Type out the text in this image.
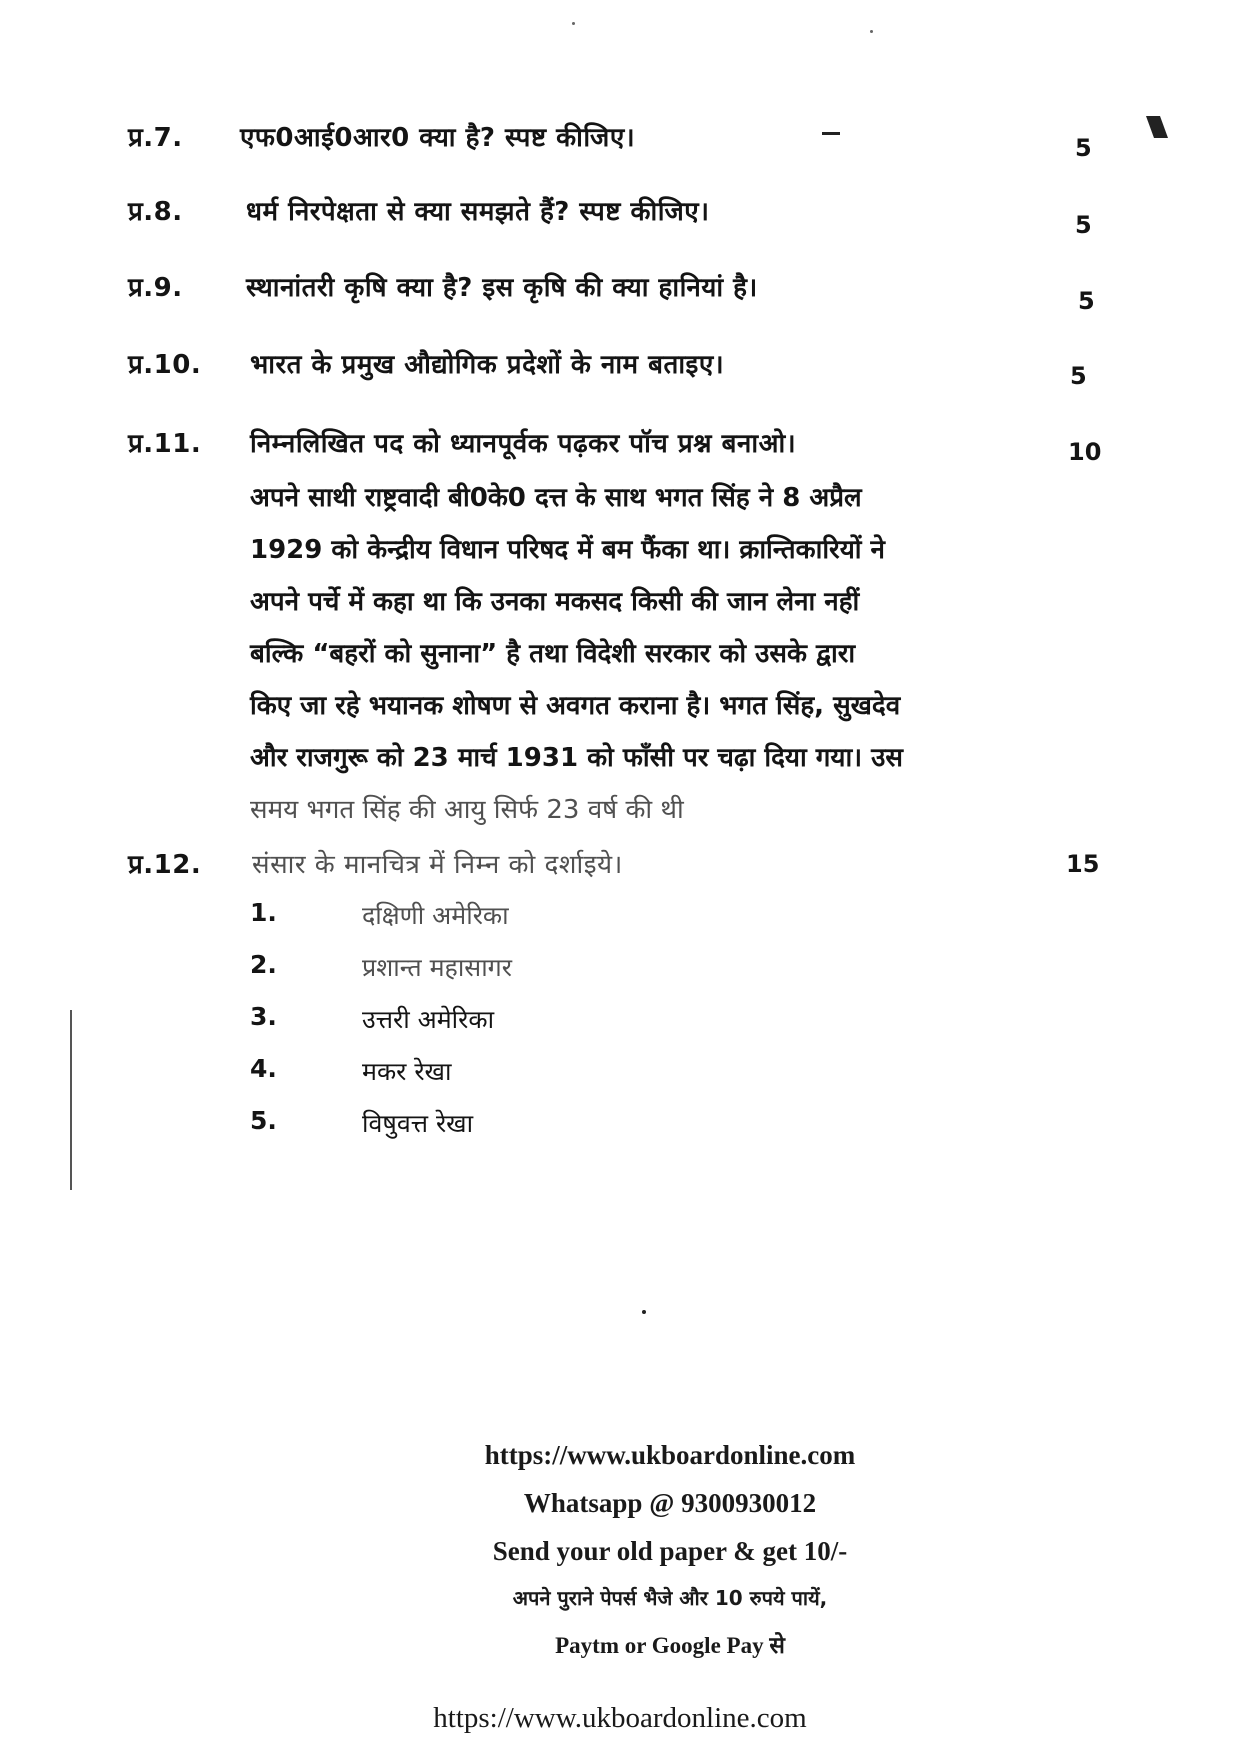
प्र.7. एफ0आई0आर0 क्या है? स्पष्ट कीजिए।	5
प्र.8. धर्म निरपेक्षता से क्या समझते हैं? स्पष्ट कीजिए।	5
प्र.9. स्थानांतरी कृषि क्या है? इस कृषि की क्या हानियां है।	5
प्र.10. भारत के प्रमुख औद्योगिक प्रदेशों के नाम बताइए।	5
प्र.11. निम्नलिखित पद को ध्यानपूर्वक पढ़कर पॉच प्रश्न बनाओ।	10
अपने साथी राष्ट्रवादी बी0के0 दत्त के साथ भगत सिंह ने 8 अप्रैल
1929 को केन्द्रीय विधान परिषद में बम फैंका था। क्रान्तिकारियों ने
अपने पर्चे में कहा था कि उनका मकसद किसी की जान लेना नहीं
बल्कि “बहरों को सुनाना” है तथा विदेशी सरकार को उसके द्वारा
किए जा रहे भयानक शोषण से अवगत कराना है। भगत सिंह, सुखदेव
और राजगुरू को 23 मार्च 1931 को फाँसी पर चढ़ा दिया गया। उस
समय भगत सिंह की आयु सिर्फ 23 वर्ष की थी
प्र.12. संसार के मानचित्र में निम्न को दर्शाइये।	15
1.	दक्षिणी अमेरिका
2.	प्रशान्त महासागर
3.	उत्तरी अमेरिका
4.	मकर रेखा
5.	विषुवत्त रेखा
https://www.ukboardonline.com
Whatsapp @ 9300930012
Send your old paper & get 10/-
अपने पुराने पेपर्स भैजे और 10 रुपये पायें,
Paytm or Google Pay से
https://www.ukboardonline.com
